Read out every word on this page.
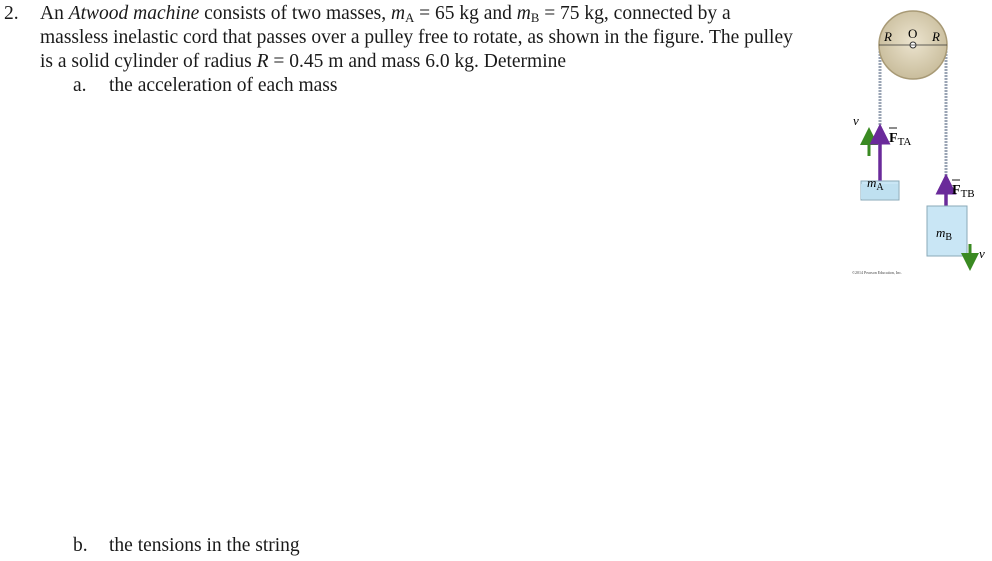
2. An Atwood machine consists of two masses, $m_A = 65$ kg and $m_B = 75$ kg, connected by a
massless inelastic cord that passes over a pulley free to rotate, as shown in the figure. The pulley
is a solid cylinder of radius R = 0.45 m and mass 6.0 kg. Determine
a. the acceleration of each mass
b. the tensions in the string
R O R
v
$F_{TA}$
$m_A$	$F_{TB}$
$m_B$
v
©2014 Pearson Education, Inc.
